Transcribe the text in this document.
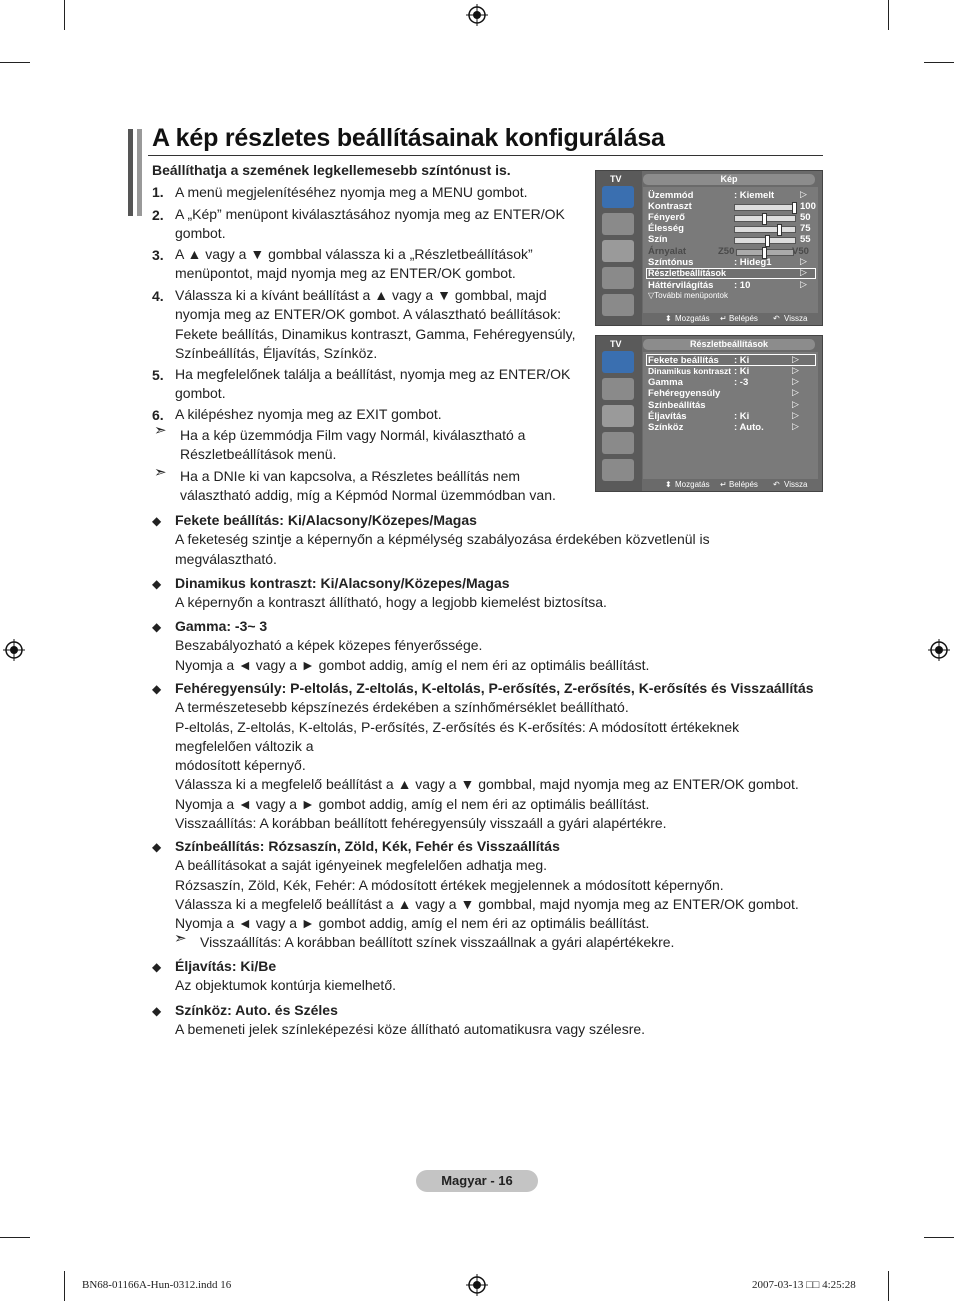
A kép részletes beállításainak konfigurálása
Beállíthatja a szemének legkellemesebb színtónust is.
1. A menü megjelenítéséhez nyomja meg a MENU gombot.
2. A „Kép” menüpont kiválasztásához nyomja meg az ENTER/OK
gombot.
3. A ▲ vagy a ▼ gombbal válassza ki a „Részletbeállítások”
menüpontot, majd nyomja meg az ENTER/OK gombot.
4. Válassza ki a kívánt beállítást a ▲ vagy a ▼ gombbal, majd
nyomja meg az ENTER/OK gombot. A választható beállítások:
Fekete beállítás, Dinamikus kontraszt, Gamma, Fehéregyensúly,
Színbeállítás, Éljavítás, Színköz.
5. Ha megfelelőnek találja a beállítást, nyomja meg az ENTER/OK
gombot.
6. A kilépéshez nyomja meg az EXIT gombot.
➣ Ha a kép üzemmódja Film vagy Normál, kiválasztható a
Részletbeállítások menü.
➣ Ha a DNIe ki van kapcsolva, a Részletes beállítás nem
választható addig, míg a Képmód Normal üzemmódban van.
TV	Kép
Üzemmód	: Kiemelt	▷
Kontraszt	100
Fényerő	50
Élesség	75
Szín	55
Árnyalat	Z50	V50
Színtónus	: Hideg1	▷
Részletbeállítások	▷
Háttérvilágítás : 10	▷
▽További menüpontok
⬍ Mozgatás ↵ Belépés ↶ Vissza
TV	Részletbeállítások
Fekete beállítás : Ki	▷
Dinamikus kontraszt : Ki	▷
Gamma	: -3	▷
Fehéregyensúly	▷
Színbeállítás	▷
Éljavítás	: Ki	▷
Színköz	: Auto.	▷
⬍ Mozgatás ↵ Belépés ↶ Vissza
◆ Fekete beállítás: Ki/Alacsony/Közepes/Magas
A feketeség szintje a képernyőn a képmélység szabályozása érdekében közvetlenül is
megválasztható.
◆ Dinamikus kontraszt: Ki/Alacsony/Közepes/Magas
A képernyőn a kontraszt állítható, hogy a legjobb kiemelést biztosítsa.
◆ Gamma: -3~ 3
Beszabályozható a képek közepes fényerőssége.
Nyomja a ◄ vagy a ► gombot addig, amíg el nem éri az optimális beállítást.
◆ Fehéregyensúly: P-eltolás, Z-eltolás, K-eltolás, P-erősítés, Z-erősítés, K-erősítés és Visszaállítás
A természetesebb képszínezés érdekében a színhőmérséklet beállítható.
P-eltolás, Z-eltolás, K-eltolás, P-erősítés, Z-erősítés és K-erősítés: A módosított értékeknek
megfelelően változik a
módosított képernyő.
Válassza ki a megfelelő beállítást a ▲ vagy a ▼ gombbal, majd nyomja meg az ENTER/OK gombot.
Nyomja a ◄ vagy a ► gombot addig, amíg el nem éri az optimális beállítást.
Visszaállítás: A korábban beállított fehéregyensúly visszaáll a gyári alapértékre.
◆ Színbeállítás: Rózsaszín, Zöld, Kék, Fehér és Visszaállítás
A beállításokat a saját igényeinek megfelelően adhatja meg.
Rózsaszín, Zöld, Kék, Fehér: A módosított értékek megjelennek a módosított képernyőn.
Válassza ki a megfelelő beállítást a ▲ vagy a ▼ gombbal, majd nyomja meg az ENTER/OK gombot.
Nyomja a ◄ vagy a ► gombot addig, amíg el nem éri az optimális beállítást.
➣ Visszaállítás: A korábban beállított színek visszaállnak a gyári alapértékekre.
◆ Éljavítás: Ki/Be
Az objektumok kontúrja kiemelhető.
◆ Színköz: Auto. és Széles
A bemeneti jelek színleképezési köze állítható automatikusra vagy szélesre.
Magyar - 16
BN68-01166A-Hun-0312.indd 16	2007-03-13 □□ 4:25:28
